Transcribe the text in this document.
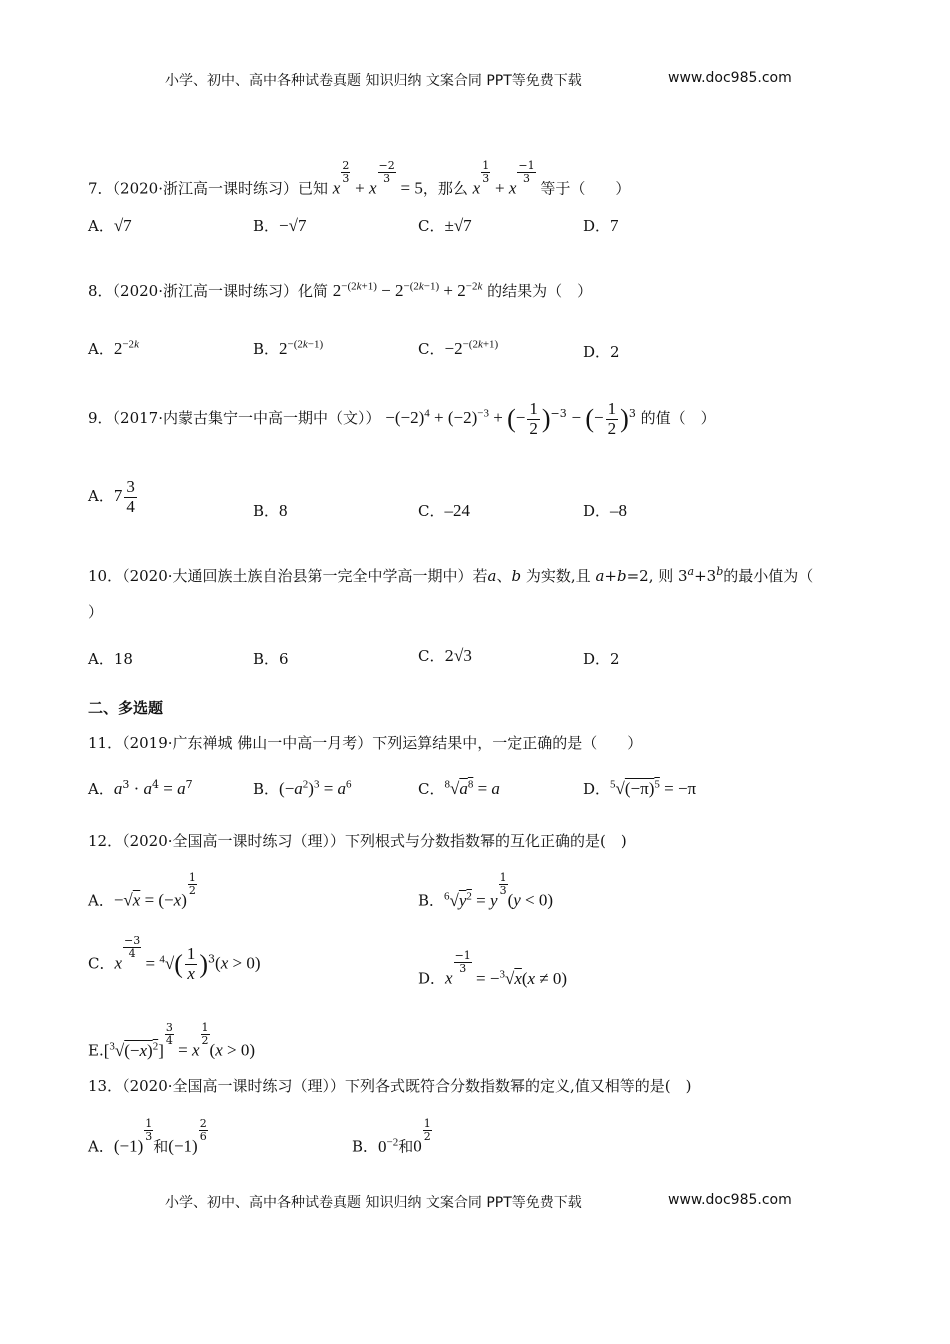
小学、初中、高中各种试卷真题 知识归纳 文案合同 PPT等免费下载	www.doc985.com
7．（2020·浙江高一课时练习）已知 x
$\frac{2}{3}$
+ x
$\frac{-2}{3}$
= 5，那么 x
$\frac{1}{3}$
+ x
$\frac{-1}{3}$
等于（　　）
A．√7	B．−√7	C．±√7	D．7
8．（2020·浙江高一课时练习）化简 $2^{-(2k+1)} - 2^{-(2k-1)} + 2^{-2k}$ 的结果为（　）
A．$2^{-2k}$	B．$2^{-(2k-1)}$	C．$-2^{-(2k+1)}$	D．2
9．（2017·内蒙古集宁一中高一期中（文）） $-(-2)^4 + (-2)^{-3}$ + (− $\frac{1}{2} )^{-3}$ − (− $\frac{1}{2} )^3$ 的值（　）
A．$7 \frac{3}{4}$	B．8	C．–24	D．–8
10．（2020·大通回族土族自治县第一完全中学高一期中）若a、b 为实数,且 a+b=2, 则 $3^a+3^b$的最小值为（
）
A．18	B．6	C．2√3	D．2
二、多选题
11．（2019·广东禅城 佛山一中高一月考）下列运算结果中，一定正确的是（　　）
A．$a^3 \cdot a^4 = a^7$	B．$(-a^2)^3 = a^6$	C．$^8√a^8 = a$	D．$^5√(-\pi)^5 = -\pi$
12．（2020·全国高一课时练习（理））下列根式与分数指数幂的互化正确的是(　)
A．−√x = (−x)
$\frac{1}{2}$
B．$^6√y^2 = y$
$\frac{1}{3}$
(y < 0)
C．x
$\frac{-3}{4}$
= $^4√( \frac{1}{x} )^3(x > 0)$
D．x
$\frac{-1}{3}$
= −$^3$√x(x ≠ 0)
$E.[^3√(-x)^2]$
$\frac{3}{4}$
= x
$\frac{1}{2}$
(x > 0)
13．（2020·全国高一课时练习（理））下列各式既符合分数指数幂的定义,值又相等的是(　)
A．(−1)
$\frac{1}{3}$
和(−1)
$\frac{2}{6}$
B．$0^{-2}$和0
$\frac{1}{2}$
小学、初中、高中各种试卷真题 知识归纳 文案合同 PPT等免费下载	www.doc985.com
